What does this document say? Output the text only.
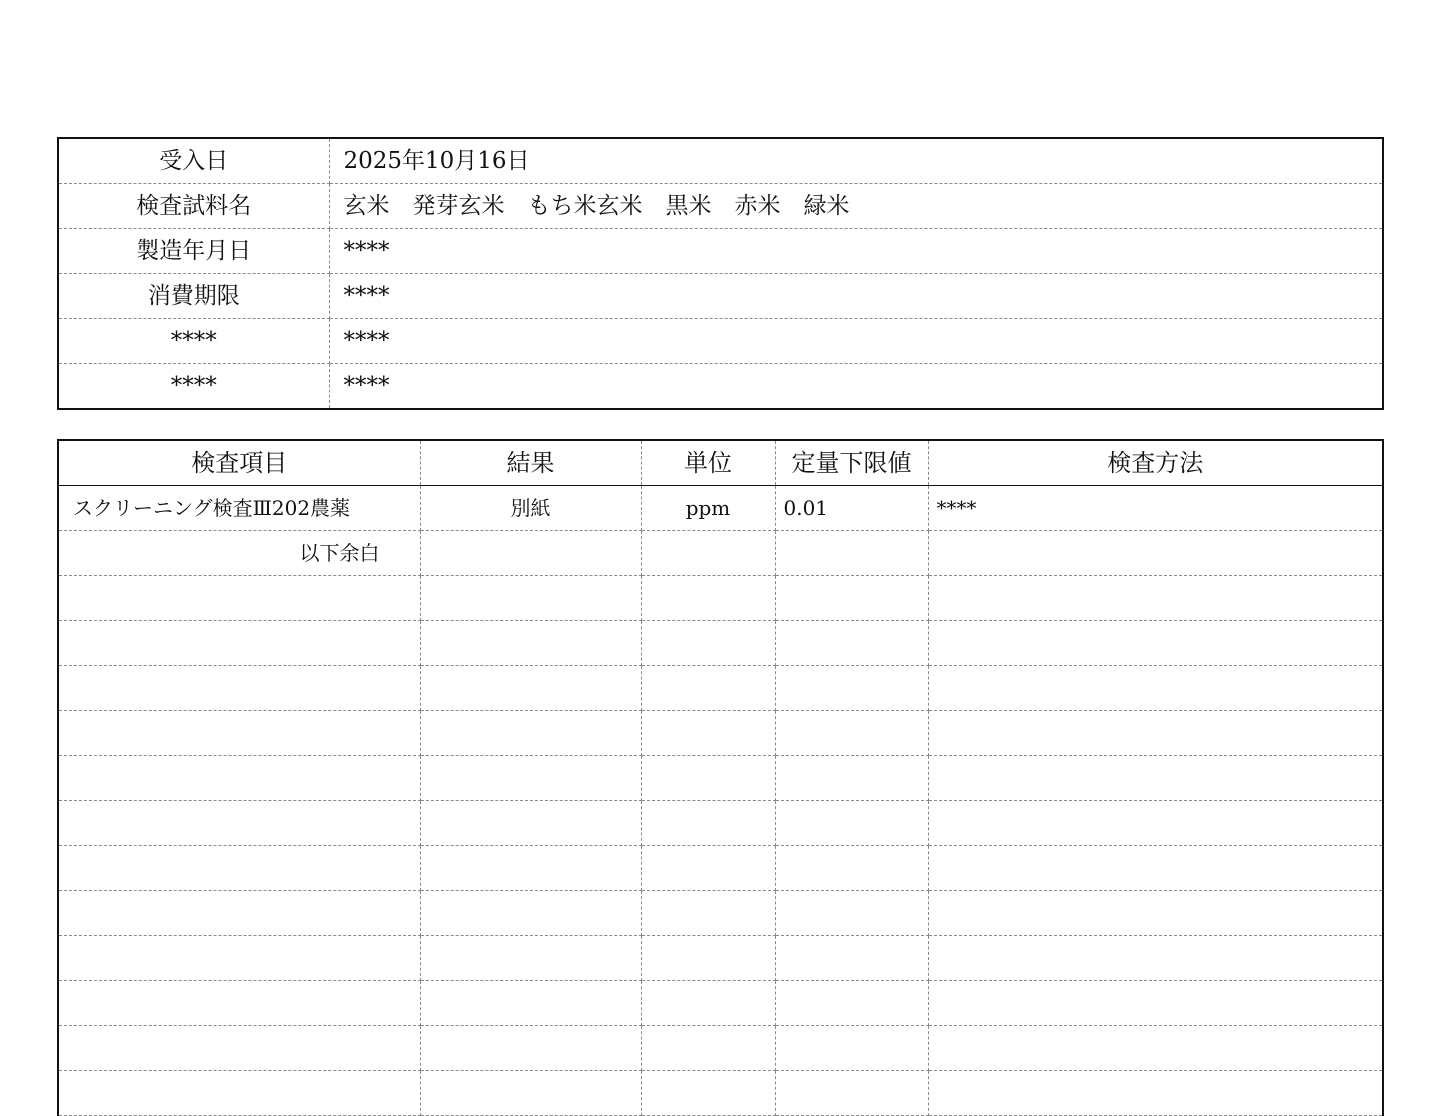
受入日	2025年10月16日
検査試料名	玄米　発芽玄米　もち米玄米　黒米　赤米　緑米
製造年月日	****
消費期限	****
****	****
****	****
検査項目	結果	単位	定量下限値	検査方法
スクリーニング検査Ⅲ202農薬	別紙	ppm	0.01	****
以下余白				
